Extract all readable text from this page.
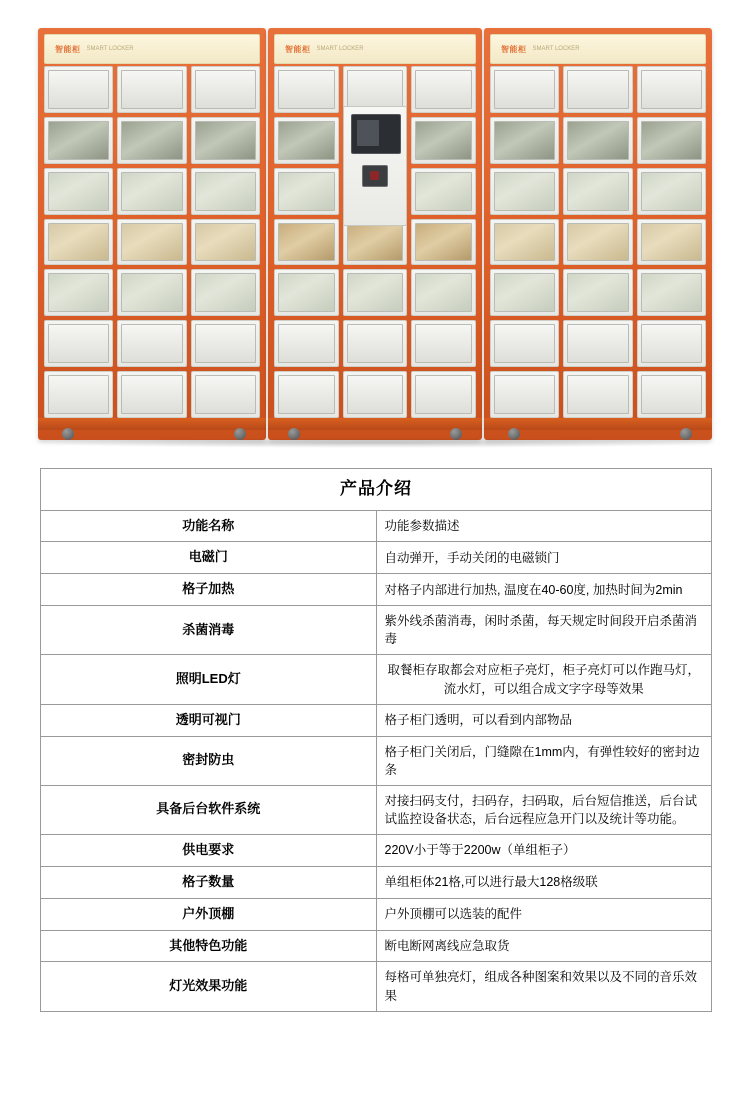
智能柜 SMART LOCKER	智能柜 SMART LOCKER	智能柜 SMART LOCKER
产品介绍	
功能名称	功能参数描述
电磁门	自动弹开，手动关闭的电磁锁门
格子加热	对格子内部进行加热, 温度在40-60度, 加热时间为2min
杀菌消毒	紫外线杀菌消毒，闲时杀菌，每天规定时间段开启杀菌消毒
照明LED灯	取餐柜存取都会对应柜子亮灯，柜子亮灯可以作跑马灯，流水灯，可以组合成文字字母等效果
透明可视门	格子柜门透明，可以看到内部物品
密封防虫	格子柜门关闭后，门缝隙在1mm内，有弹性较好的密封边条
具备后台软件系统	对接扫码支付，扫码存，扫码取，后台短信推送，后台试试监控设备状态，后台远程应急开门以及统计等功能。
供电要求	220V小于等于2200w（单组柜子）
格子数量	单组柜体21格,可以进行最大128格级联
户外顶棚	户外顶棚可以选装的配件
其他特色功能	断电断网离线应急取货
灯光效果功能	每格可单独亮灯，组成各种图案和效果以及不同的音乐效果
